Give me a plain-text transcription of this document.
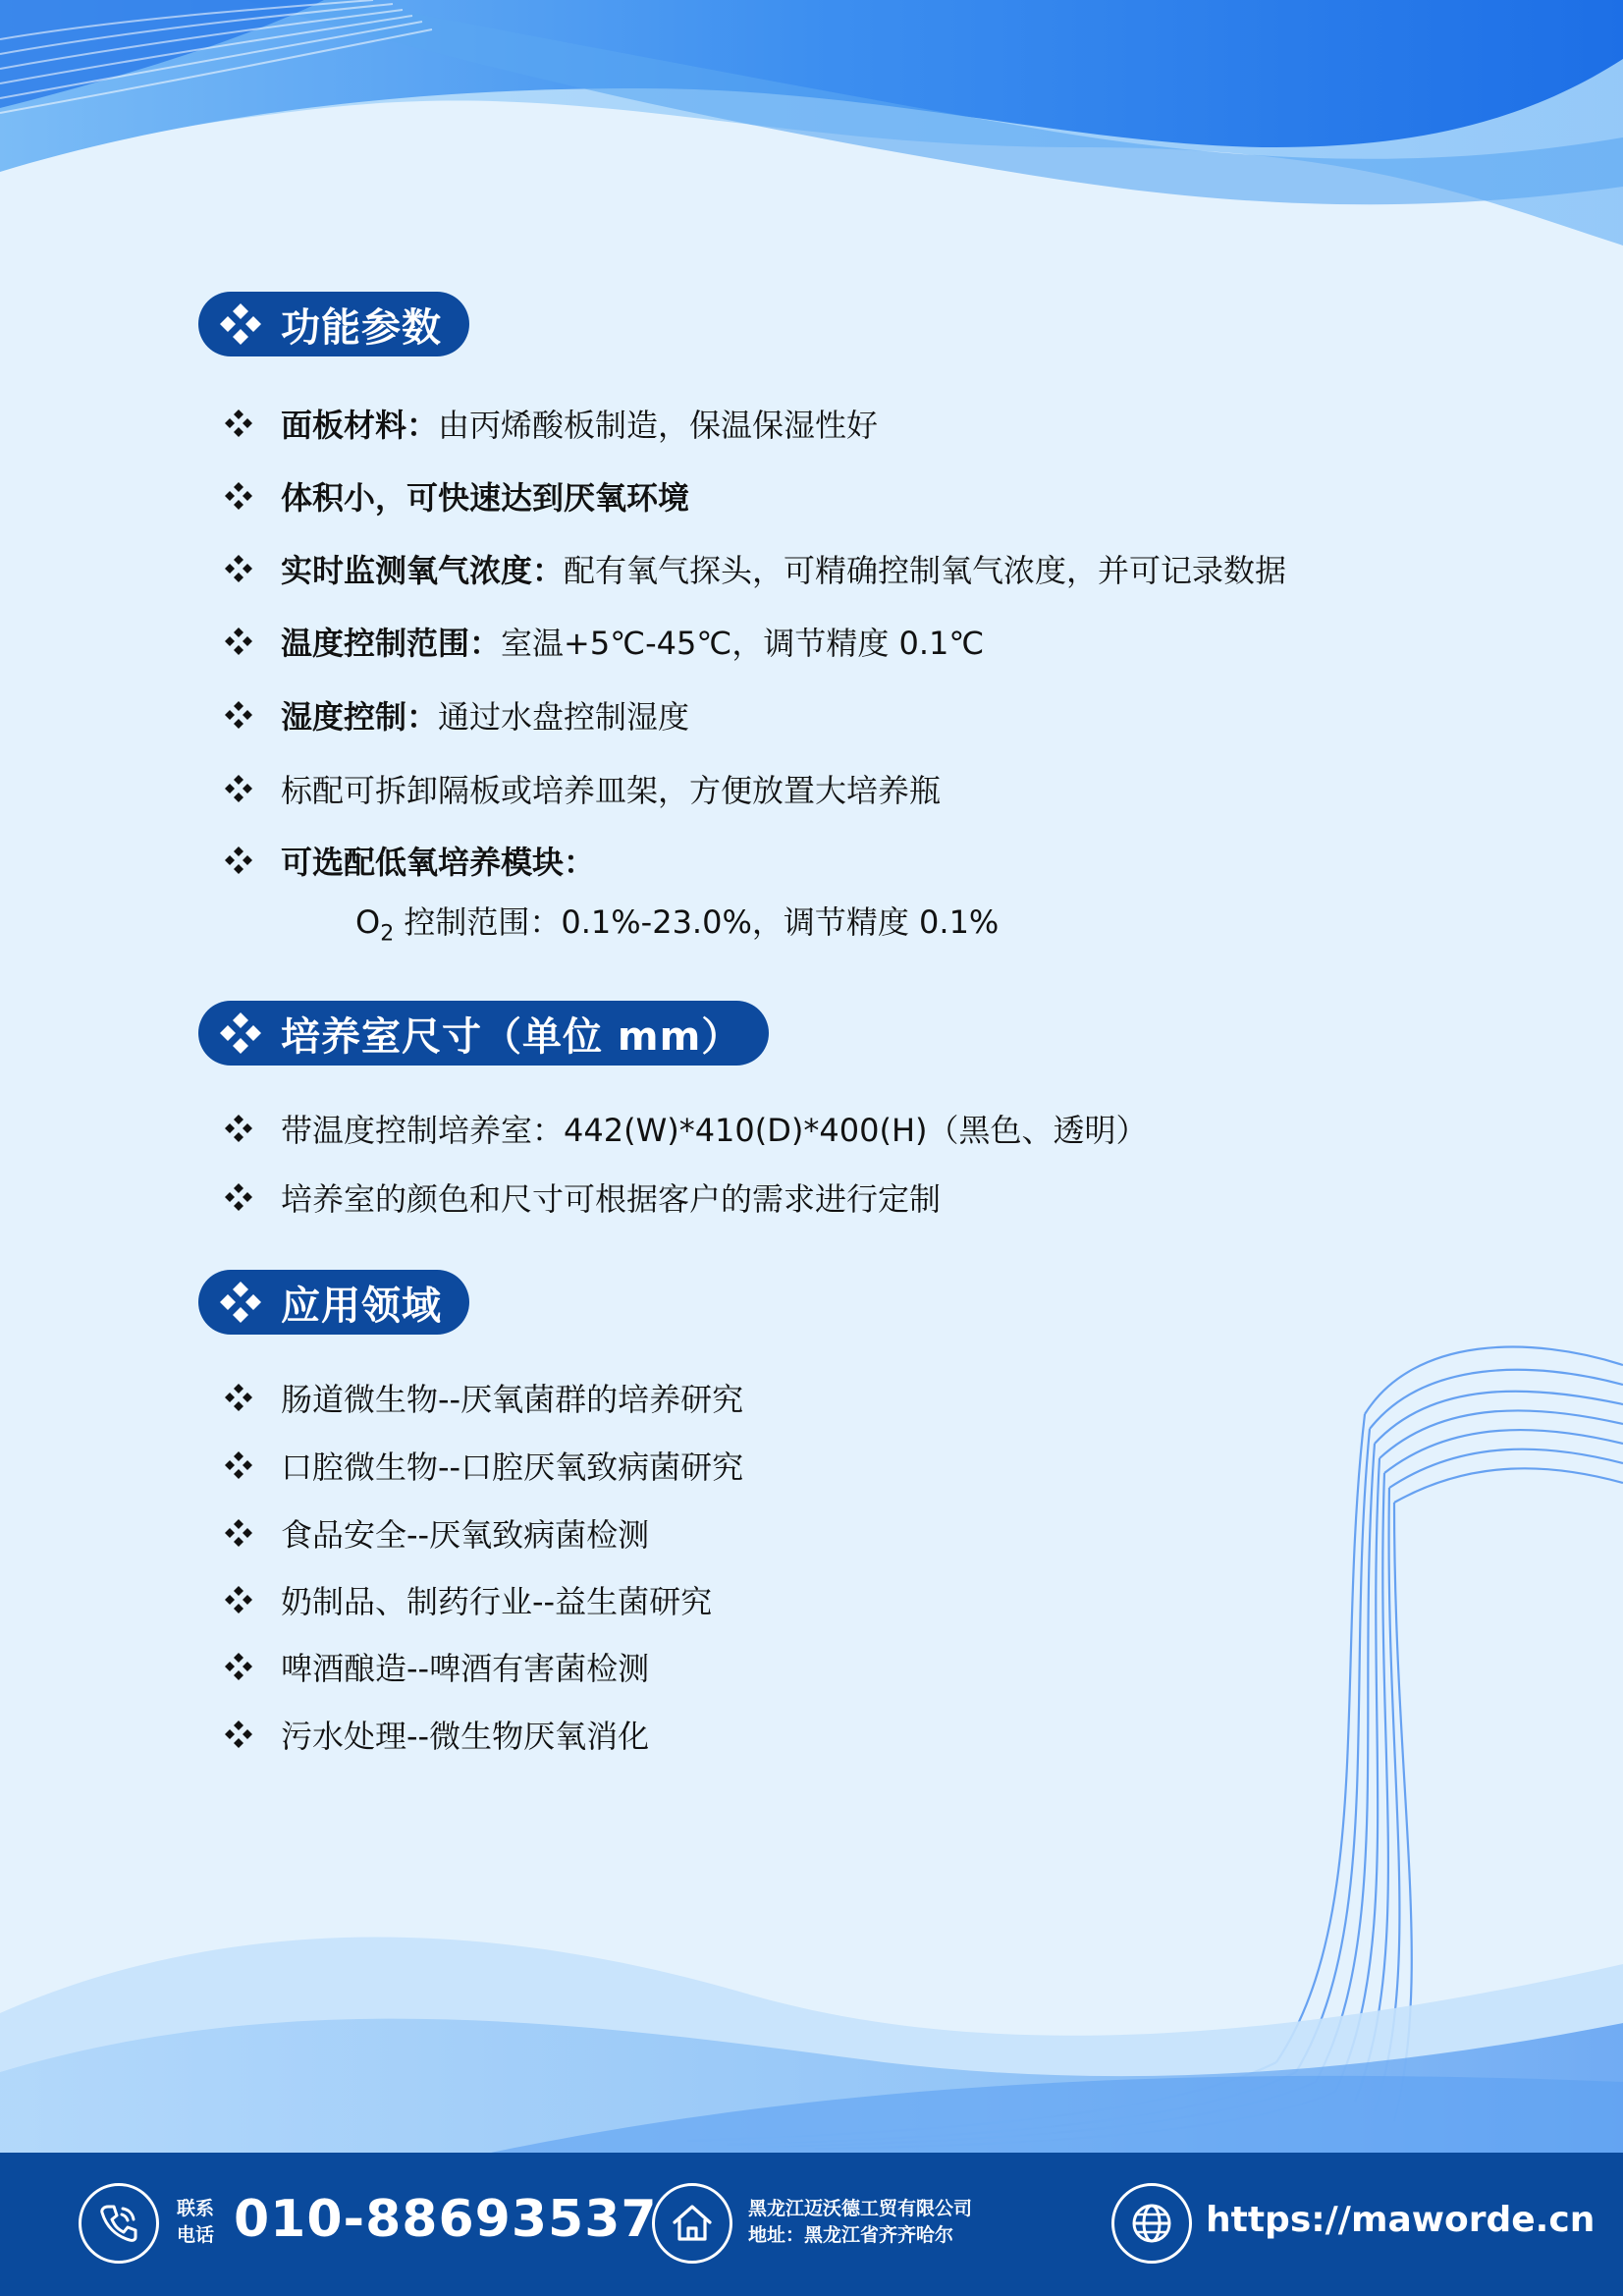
功能参数
面板材料： 由丙烯酸板制造，保温保湿性好
体积小，可快速达到厌氧环境
实时监测氧气浓度： 配有氧气探头，可精确控制氧气浓度，并可记录数据
温度控制范围： 室温+5℃-45℃，调节精度 0.1℃
湿度控制： 通过水盘控制湿度
标配可拆卸隔板或培养皿架，方便放置大培养瓶
可选配低氧培养模块：
$O_2$ 控制范围：0.1%-23.0%，调节精度 0.1%
培养室尺寸（单位 mm）
带温度控制培养室：442(W)*410(D)*400(H)（黑色、透明）
培养室的颜色和尺寸可根据客户的需求进行定制
应用领域
肠道微生物--厌氧菌群的培养研究
口腔微生物--口腔厌氧致病菌研究
食品安全--厌氧致病菌检测
奶制品、制药行业--益生菌研究
啤酒酿造--啤酒有害菌检测
污水处理--微生物厌氧消化
联系
电话 010-88693537	黑龙江迈沃德工贸有限公司
地址：黑龙江省齐齐哈尔	https://maworde.cn
